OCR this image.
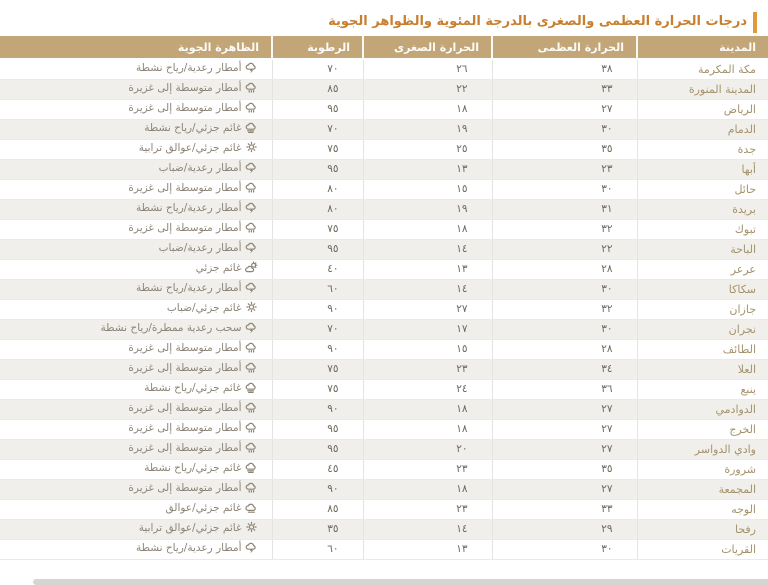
درجات الحرارة العظمى والصغرى بالدرجة المئوية والظواهر الجوية
المدينة	الحرارة العظمى	الحرارة الصغرى	الرطوبة	الظاهرة الجوية
مكة المكرمة	٣٨	٢٦	٧٠	أمطار رعدية/رياح نشطة

المدينة المنورة	٣٣	٢٢	٨٥	أمطار متوسطة إلى غزيرة

الرياض	٢٧	١٨	٩٥	أمطار متوسطة إلى غزيرة

الدمام	٣٠	١٩	٧٠	غائم جزئي/رياح نشطة

جدة	٣٥	٢٥	٧٥	غائم جزئي/عوالق ترابية

أبها	٢٣	١٣	٩٥	أمطار رعدية/ضباب

حائل	٣٠	١٥	٨٠	أمطار متوسطة إلى غزيرة

بريدة	٣١	١٩	٨٠	أمطار رعدية/رياح نشطة

تبوك	٣٢	١٨	٧٥	أمطار متوسطة إلى غزيرة

الباحة	٢٢	١٤	٩٥	أمطار رعدية/ضباب

عرعر	٢٨	١٣	٤٠	غائم جزئي

سكاكا	٣٠	١٤	٦٠	أمطار رعدية/رياح نشطة

جازان	٣٢	٢٧	٩٠	غائم جزئي/ضباب

نجران	٣٠	١٧	٧٠	سحب رعدية ممطرة/رياح نشطة

الطائف	٢٨	١٥	٩٠	أمطار متوسطة إلى غزيرة

العلا	٣٤	٢٣	٧٥	أمطار متوسطة إلى غزيرة

ينبع	٣٦	٢٤	٧٥	غائم جزئي/رياح نشطة

الدوادمي	٢٧	١٨	٩٠	أمطار متوسطة إلى غزيرة

الخرج	٢٧	١٨	٩٥	أمطار متوسطة إلى غزيرة

وادي الدواسر	٢٧	٢٠	٩٥	أمطار متوسطة إلى غزيرة

شرورة	٣٥	٢٣	٤٥	غائم جزئي/رياح نشطة

المجمعة	٢٧	١٨	٩٠	أمطار متوسطة إلى غزيرة

الوجه	٣٣	٢٣	٨٥	غائم جزئي/عوالق

رفحا	٢٩	١٤	٣٥	غائم جزئي/عوالق ترابية

القريات	٣٠	١٣	٦٠	أمطار رعدية/رياح نشطة
